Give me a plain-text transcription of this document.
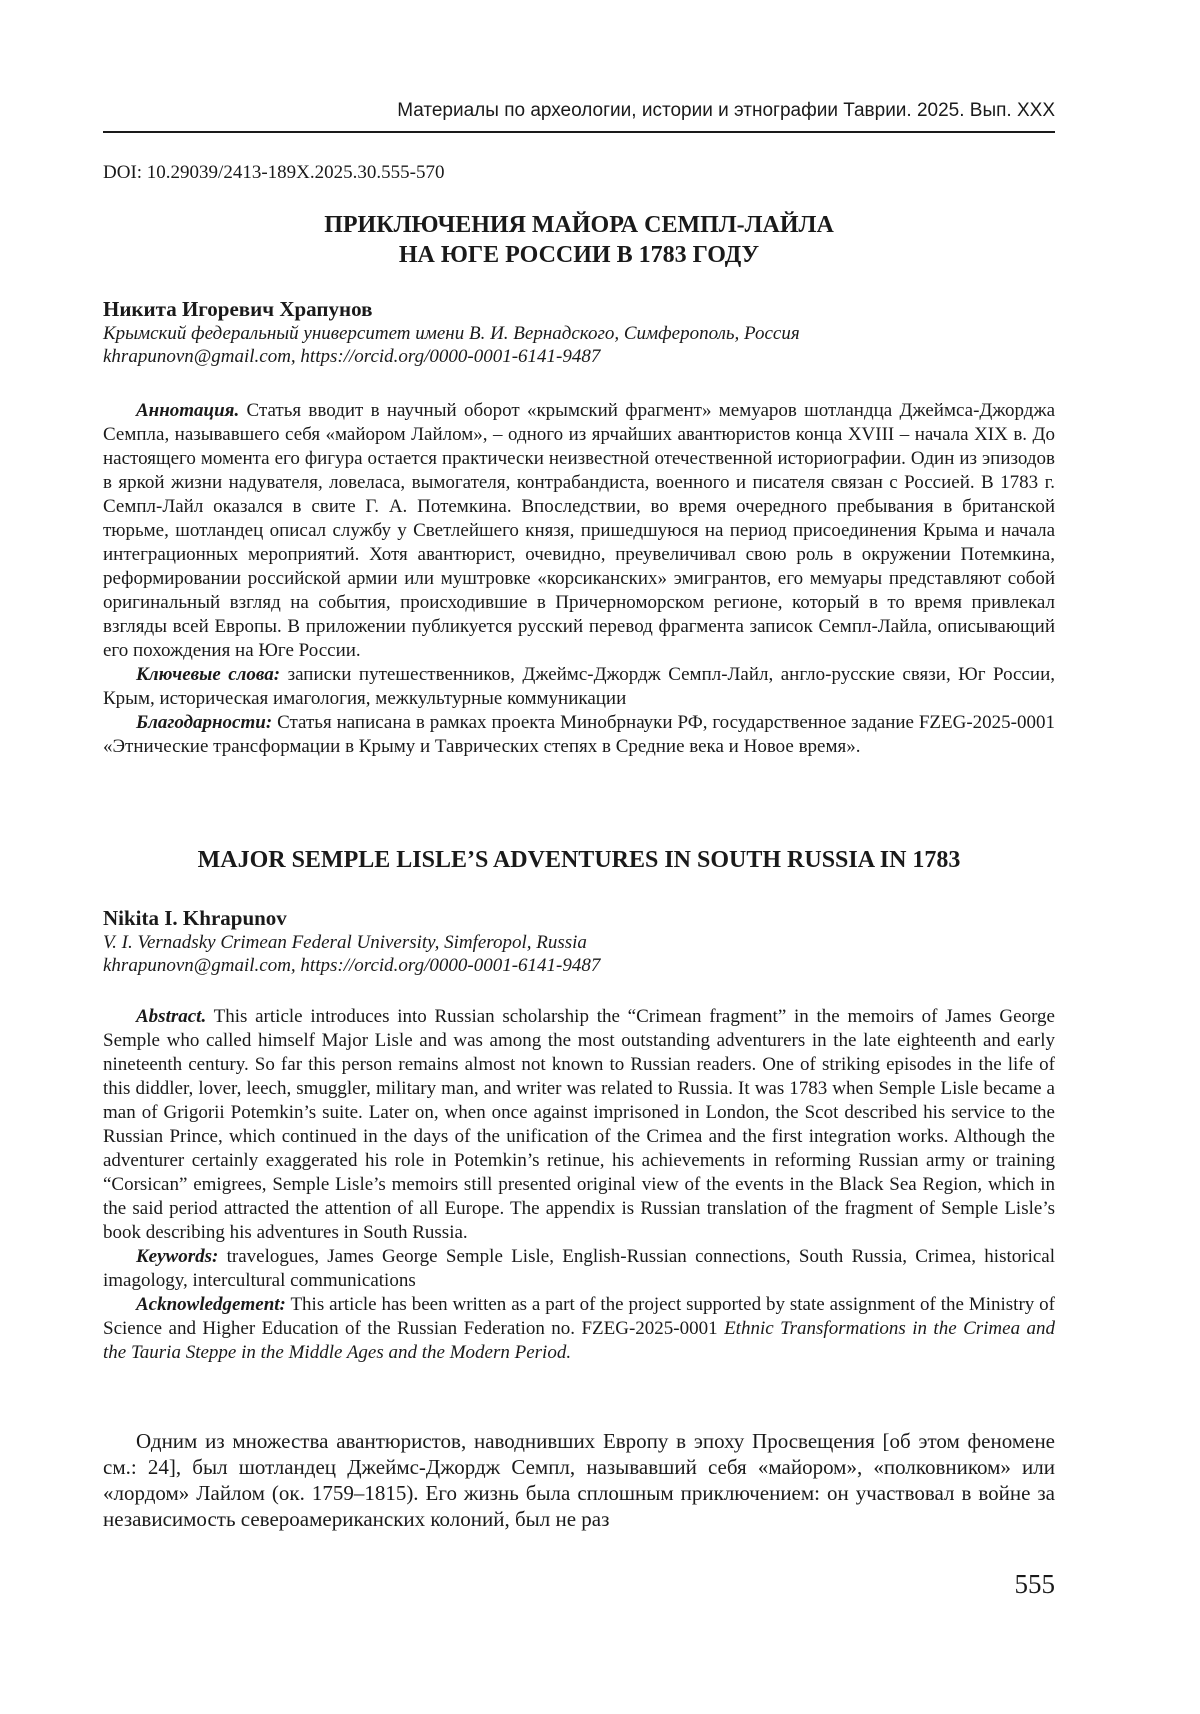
Материалы по археологии, истории и этнографии Таврии. 2025. Вып. XXX
DOI: 10.29039/2413-189X.2025.30.555-570
ПРИКЛЮЧЕНИЯ МАЙОРА СЕМПЛ-ЛАЙЛА
НА ЮГЕ РОССИИ В 1783 ГОДУ
Никита Игоревич Храпунов
Крымский федеральный университет имени В. И. Вернадского, Симферополь, Россия
khrapunovn@gmail.com, https://orcid.org/0000-0001-6141-9487

Аннотация. Статья вводит в научный оборот «крымский фрагмент» мемуаров шотландца Джеймса-Джорджа Семпла, называвшего себя «майором Лайлом», – одного из ярчайших авантюристов конца XVIII – начала XIX в. До настоящего момента его фигура остается практически неизвестной отечественной историографии. Один из эпизодов в яркой жизни надувателя, ловеласа, вымогателя, контрабандиста, военного и писателя связан с Россией. В 1783 г. Семпл-Лайл оказался в свите Г. А. Потемкина. Впоследствии, во время очередного пребывания в британской тюрьме, шотландец описал службу у Светлейшего князя, пришедшуюся на период присоединения Крыма и начала интеграционных мероприятий. Хотя авантюрист, очевидно, преувеличивал свою роль в окружении Потемкина, реформировании российской армии или муштровке «корсиканских» эмигрантов, его мемуары представляют собой оригинальный взгляд на события, происходившие в Причерноморском регионе, который в то время привлекал взгляды всей Европы. В приложении публикуется русский перевод фрагмента записок Семпл-Лайла, описывающий его похождения на Юге России.

Ключевые слова: записки путешественников, Джеймс-Джордж Семпл-Лайл, англо-русские связи, Юг России, Крым, историческая имагология, межкультурные коммуникации

Благодарности: Статья написана в рамках проекта Минобрнауки РФ, государственное задание FZEG-2025-0001 «Этнические трансформации в Крыму и Таврических степях в Средние века и Новое время».

MAJOR SEMPLE LISLE’S ADVENTURES IN SOUTH RUSSIA IN 1783
Nikita I. Khrapunov
V. I. Vernadsky Crimean Federal University, Simferopol, Russia
khrapunovn@gmail.com, https://orcid.org/0000-0001-6141-9487

Abstract. This article introduces into Russian scholarship the “Crimean fragment” in the memoirs of James George Semple who called himself Major Lisle and was among the most outstanding adventurers in the late eighteenth and early nineteenth century. So far this person remains almost not known to Russian readers. One of striking episodes in the life of this diddler, lover, leech, smuggler, military man, and writer was related to Russia. It was 1783 when Semple Lisle became a man of Grigorii Potemkin’s suite. Later on, when once against imprisoned in London, the Scot described his service to the Russian Prince, which continued in the days of the unification of the Crimea and the first integration works. Although the adventurer certainly exaggerated his role in Potemkin’s retinue, his achievements in reforming Russian army or training “Corsican” emigrees, Semple Lisle’s memoirs still presented original view of the events in the Black Sea Region, which in the said period attracted the attention of all Europe. The appendix is Russian translation of the fragment of Semple Lisle’s book describing his adventures in South Russia.

Keywords: travelogues, James George Semple Lisle, English-Russian connections, South Russia, Crimea, historical imagology, intercultural communications

Acknowledgement: This article has been written as a part of the project supported by state assignment of the Ministry of Science and Higher Education of the Russian Federation no. FZEG-2025-0001 Ethnic Transformations in the Crimea and the Tauria Steppe in the Middle Ages and the Modern Period.

Одним из множества авантюристов, наводнивших Европу в эпоху Просвещения [об этом феномене см.: 24], был шотландец Джеймс-Джордж Семпл, называвший себя «майором», «полковником» или «лордом» Лайлом (ок. 1759–1815). Его жизнь была сплошным приключением: он участвовал в войне за независимость североамериканских колоний, был не раз

555
